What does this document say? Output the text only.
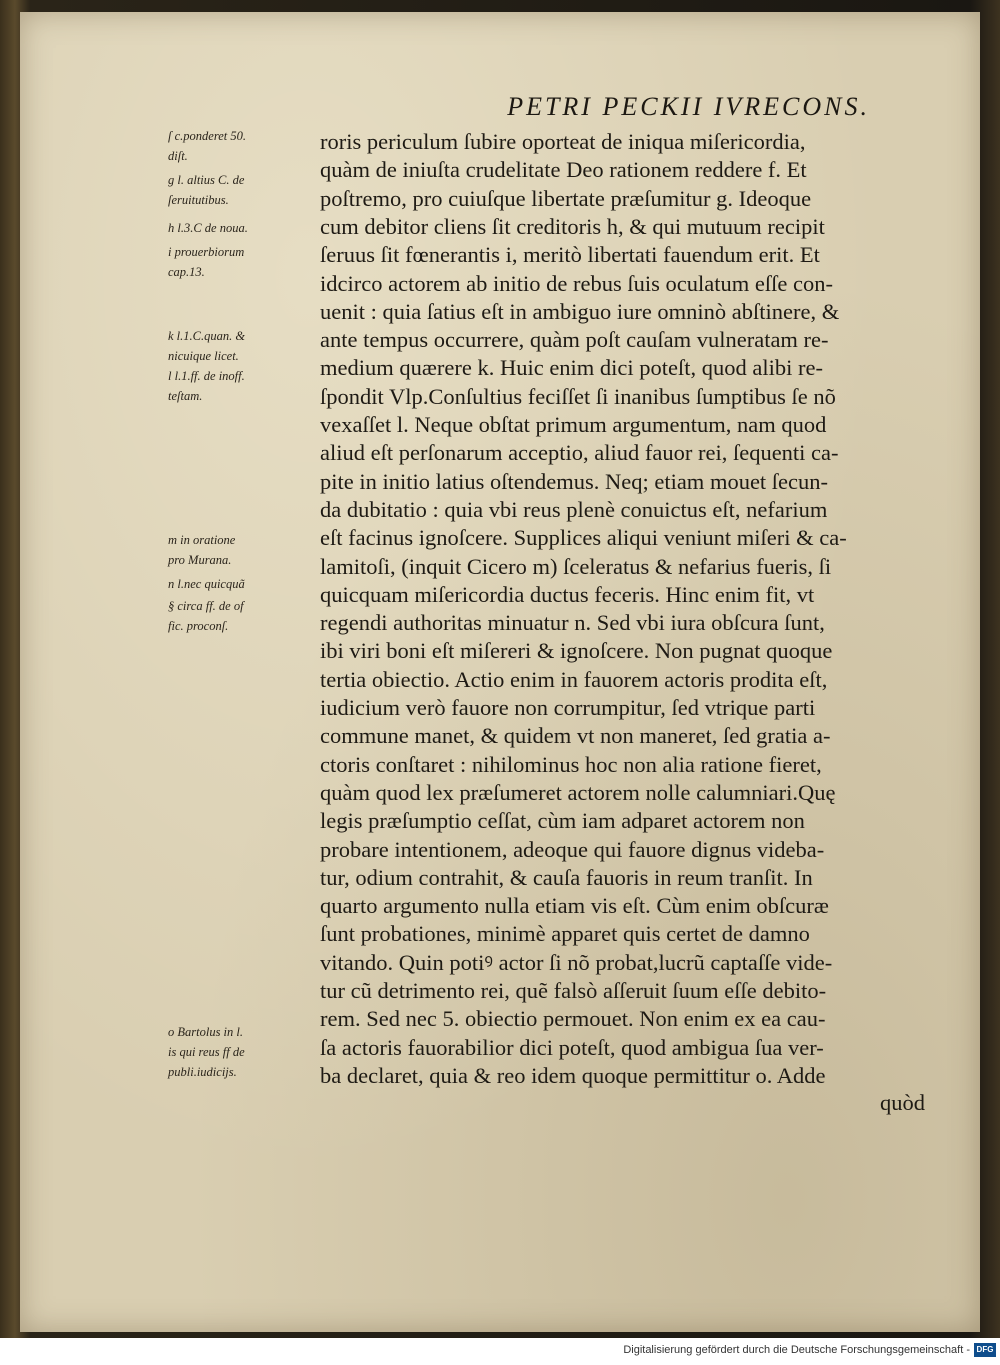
PETRI PECKII IVRECONS.
ſ c.ponderet 50.
diſt.
g l. altius C. de
ſeruitutibus.
h l.3.C de noua.
i prouerbiorum
cap.13.
k l.1.C.quan. &
nicuique licet.
l l.1.ff. de inoff.
teſtam.
m in oratione
pro Murana.
n l.nec quicquã
§ circa ff. de of
fic. proconſ.
o Bartolus in l.
is qui reus ff de
publi.iudicijs.
roris periculum ſubire oporteat de iniqua miſericordia,
quàm de iniuſta crudelitate Deo rationem reddere f. Et
poſtremo, pro cuiuſque libertate præſumitur g. Ideoque
cum debitor cliens ſit creditoris h, & qui mutuum recipit
ſeruus ſit fœnerantis i, meritò libertati fauendum erit. Et
idcirco actorem ab initio de rebus ſuis oculatum eſſe con-
uenit : quia ſatius eſt in ambiguo iure omninò abſtinere, &
ante tempus occurrere, quàm poſt cauſam vulneratam re-
medium quærere k. Huic enim dici poteſt, quod alibi re-
ſpondit Vlp.Conſultius feciſſet ſi inanibus ſumptibus ſe nõ
vexaſſet l. Neque obſtat primum argumentum, nam quod
aliud eſt perſonarum acceptio, aliud fauor rei, ſequenti ca-
pite in initio latius oſtendemus. Neq; etiam mouet ſecun-
da dubitatio : quia vbi reus plenè conuictus eſt, nefarium
eſt facinus ignoſcere. Supplices aliqui veniunt miſeri & ca-
lamitoſi, (inquit Cicero m) ſceleratus & nefarius fueris, ſi
quicquam miſericordia ductus feceris. Hinc enim fit, vt
regendi authoritas minuatur n. Sed vbi iura obſcura ſunt,
ibi viri boni eſt miſereri & ignoſcere. Non pugnat quoque
tertia obiectio. Actio enim in fauorem actoris prodita eſt,
iudicium verò fauore non corrumpitur, ſed vtrique parti
commune manet, & quidem vt non maneret, ſed gratia a-
ctoris conſtaret : nihilominus hoc non alia ratione fieret,
quàm quod lex præſumeret actorem nolle calumniari.Quę
legis præſumptio ceſſat, cùm iam adparet actorem non
probare intentionem, adeoque qui fauore dignus videba-
tur, odium contrahit, & cauſa fauoris in reum tranſit. In
quarto argumento nulla etiam vis eſt. Cùm enim obſcuræ
ſunt probationes, minimè apparet quis certet de damno
vitando. Quin potiꝰ actor ſi nõ probat,lucrũ captaſſe vide-
tur cũ detrimento rei, quẽ falsò aſſeruit ſuum eſſe debito-
rem. Sed nec 5. obiectio permouet. Non enim ex ea cau-
ſa actoris fauorabilior dici poteſt, quod ambigua ſua ver-
ba declaret, quia & reo idem quoque permittitur o. Adde
quòd
Digitalisierung gefördert durch die Deutsche Forschungsgemeinschaft - DFG
